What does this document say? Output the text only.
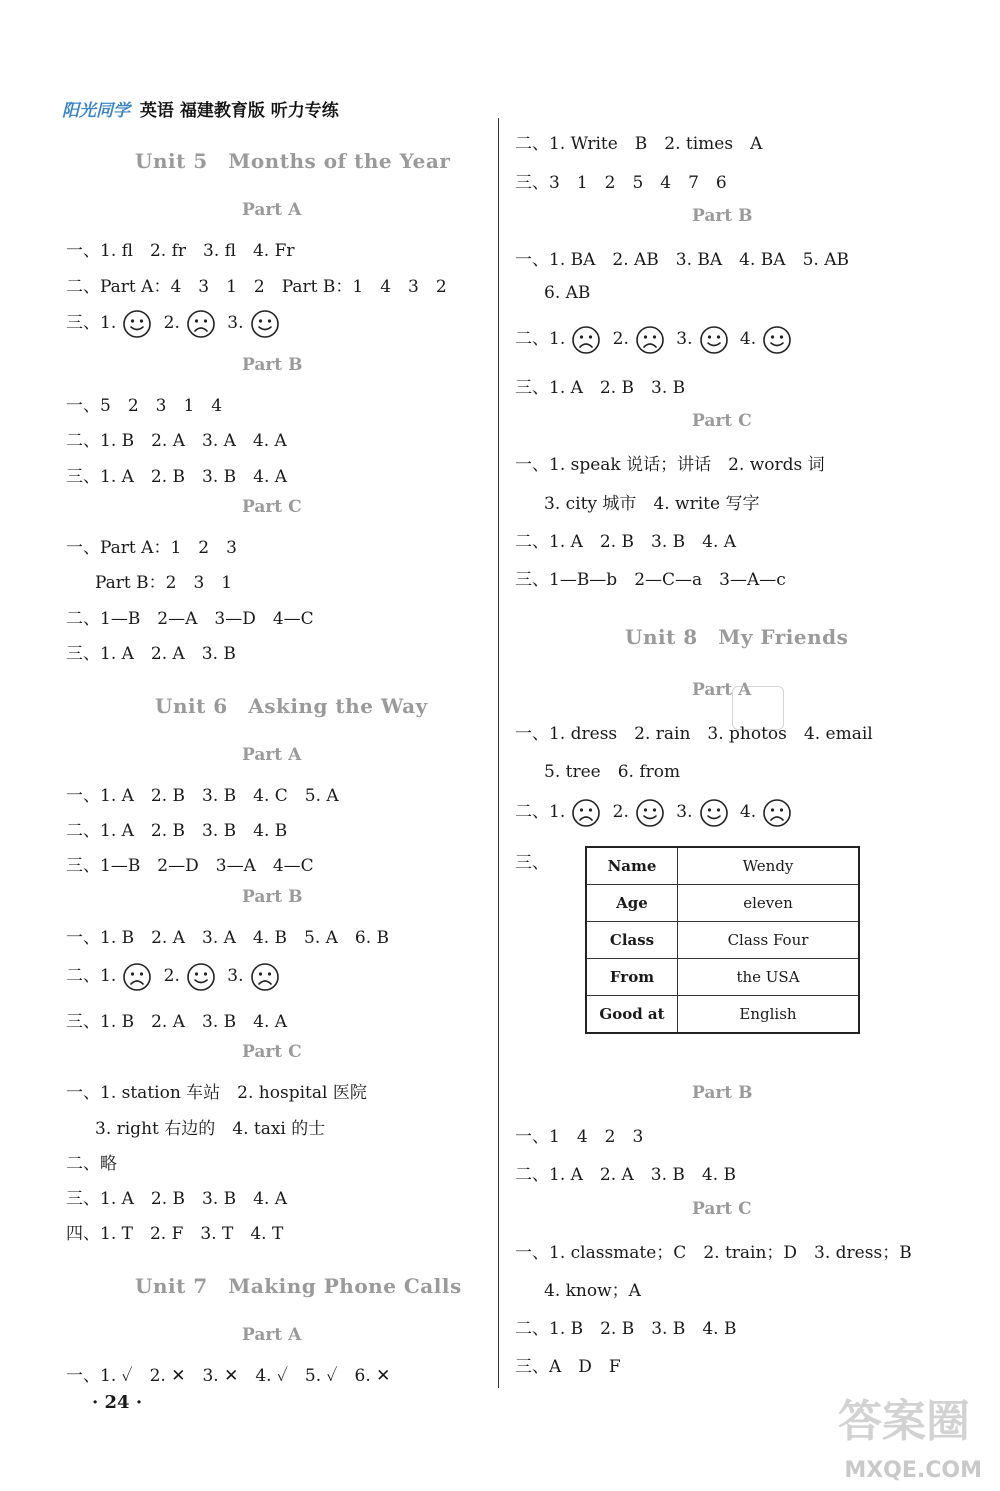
阳光同学 英语 福建教育版 听力专练
Unit 5　Months of the Year
Part A
一、1. fl　2. fr　3. fl　4. Fr
二、Part A：4　3　1　2　Part B：1　4　3　2
三、1.	2.	3.
Part B
一、5　2　3　1　4
二、1. B　2. A　3. A　4. A
三、1. A　2. B　3. B　4. A
Part C
一、Part A：1　2　3
Part B：2　3　1
二、1—B　2—A　3—D　4—C
三、1. A　2. A　3. B
Unit 6　Asking the Way
Part A
一、1. A　2. B　3. B　4. C　5. A
二、1. A　2. B　3. B　4. B
三、1—B　2—D　3—A　4—C
Part B
一、1. B　2. A　3. A　4. B　5. A　6. B
二、1.	2.	3.
三、1. B　2. A　3. B　4. A
Part C
一、1. station 车站　2. hospital 医院
3. right 右边的　4. taxi 的士
二、略
三、1. A　2. B　3. B　4. A
四、1. T　2. F　3. T　4. T
Unit 7　Making Phone Calls
Part A
一、1. ✓　2. ✕　3. ✕　4. ✓　5. ✓　6. ✕
· 24 ·
二、1. Write　B　2. times　A
三、3　1　2　5　4　7　6
Part B
一、1. BA　2. AB　3. BA　4. BA　5. AB
6. AB
二、1.	2.	3.	4.
三、1. A　2. B　3. B
Part C
一、1. speak 说话；讲话　2. words 词
3. city 城市　4. write 写字
二、1. A　2. B　3. B　4. A
三、1—B—b　2—C—a　3—A—c
Unit 8　My Friends
Part A
一、1. dress　2. rain　3. photos　4. email
5. tree　6. from
二、1.	2.	3.	4.
三、	Name	Wendy
Age	eleven
Class	Class Four
From	the USA
Good at	English
Part B
一、1　4　2　3
二、1. A　2. A　3. B　4. B
Part C
一、1. classmate；C　2. train；D　3. dress；B
4. know；A
二、1. B　2. B　3. B　4. B
三、A　D　F
答案圈
MXQE.COM
